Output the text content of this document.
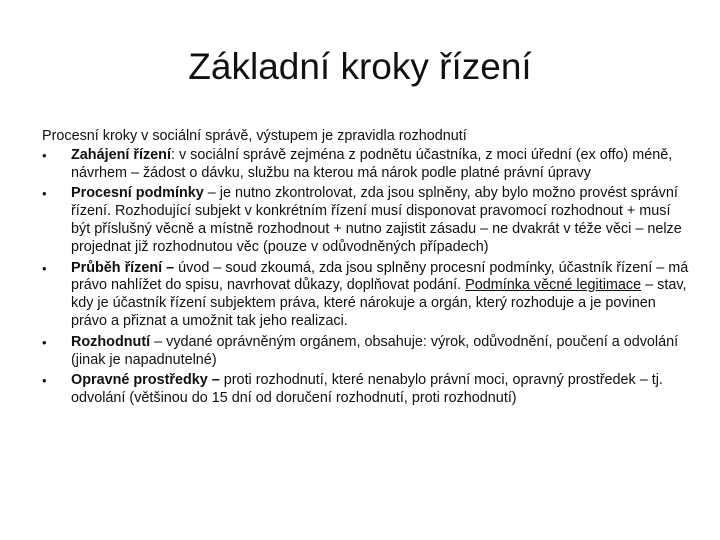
Základní kroky řízení
Procesní kroky v sociální správě, výstupem je zpravidla rozhodnutí
• Zahájení řízení: v sociální správě zejména z podnětu účastníka, z moci úřední (ex offo) méně, návrhem – žádost o dávku, službu na kterou má nárok podle platné právní úpravy
• Procesní podmínky – je nutno zkontrolovat, zda jsou splněny, aby bylo možno provést správní řízení. Rozhodující subjekt v konkrétním řízení musí disponovat pravomocí rozhodnout + musí být příslušný věcně a místně rozhodnout + nutno zajistit zásadu – ne dvakrát v téže věci – nelze projednat již rozhodnutou věc (pouze v odůvodněných případech)
• Průběh řízení – úvod – soud zkoumá, zda jsou splněny procesní podmínky, účastník řízení – má právo nahlížet do spisu, navrhovat důkazy, doplňovat podání. Podmínka věcné legitimace – stav, kdy je účastník řízení subjektem práva, které nárokuje a orgán, který rozhoduje a je povinen právo a přiznat a umožnit tak jeho realizaci.
• Rozhodnutí – vydané oprávněným orgánem, obsahuje: výrok, odůvodnění, poučení a odvolání (jinak je napadnutelné)
• Opravné prostředky – proti rozhodnutí, které nenabylo právní moci, opravný prostředek – tj. odvolání (většinou do 15 dní od doručení rozhodnutí, proti rozhodnutí)
